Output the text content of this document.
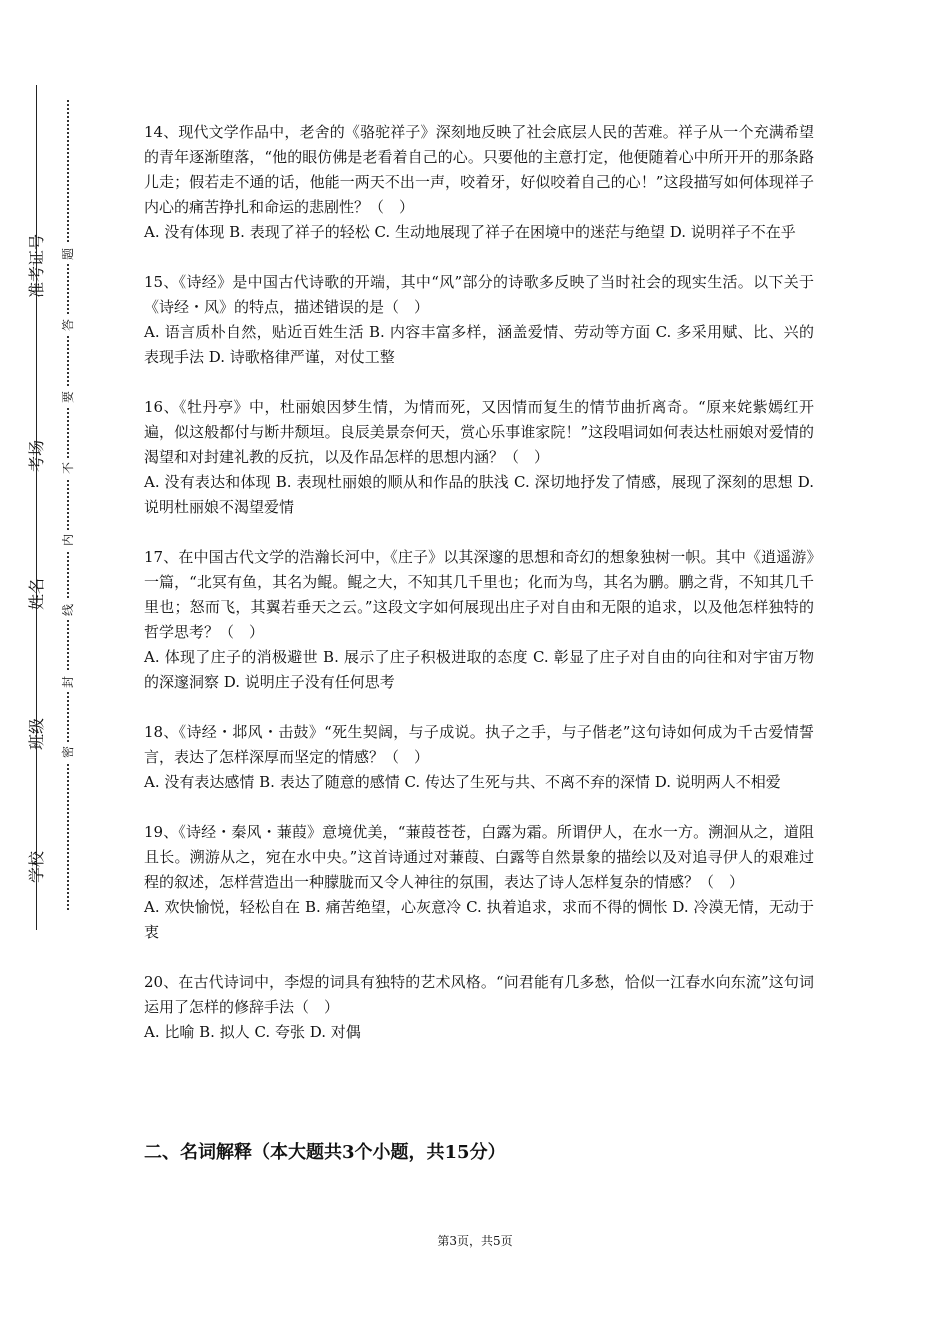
学校
班级
姓名
考场
准考证号
密
封
线
内
不
要
答
题

14、现代文学作品中，老舍的《骆驼祥子》深刻地反映了社会底层人民的苦难。祥子从一个充满希望的青年逐渐堕落，“他的眼仿佛是老看着自己的心。只要他的主意打定，他便随着心中所开开的那条路儿走；假若走不通的话，他能一两天不出一声，咬着牙，好似咬着自己的心！”这段描写如何体现祥子内心的痛苦挣扎和命运的悲剧性？（　）

A. 没有体现 B. 表现了祥子的轻松 C. 生动地展现了祥子在困境中的迷茫与绝望 D. 说明祥子不在乎

15、《诗经》是中国古代诗歌的开端，其中“风”部分的诗歌多反映了当时社会的现实生活。以下关于《诗经・风》的特点，描述错误的是（　）

A. 语言质朴自然，贴近百姓生活 B. 内容丰富多样，涵盖爱情、劳动等方面 C. 多采用赋、比、兴的表现手法 D. 诗歌格律严谨，对仗工整

16、《牡丹亭》中，杜丽娘因梦生情，为情而死，又因情而复生的情节曲折离奇。“原来姹紫嫣红开遍，似这般都付与断井颓垣。良辰美景奈何天，赏心乐事谁家院！”这段唱词如何表达杜丽娘对爱情的渴望和对封建礼教的反抗，以及作品怎样的思想内涵？（　）

A. 没有表达和体现 B. 表现杜丽娘的顺从和作品的肤浅 C. 深切地抒发了情感，展现了深刻的思想 D. 说明杜丽娘不渴望爱情

17、在中国古代文学的浩瀚长河中，《庄子》以其深邃的思想和奇幻的想象独树一帜。其中《逍遥游》一篇，“北冥有鱼，其名为鲲。鲲之大，不知其几千里也；化而为鸟，其名为鹏。鹏之背，不知其几千里也；怒而飞，其翼若垂天之云。”这段文字如何展现出庄子对自由和无限的追求，以及他怎样独特的哲学思考？（　）

A. 体现了庄子的消极避世 B. 展示了庄子积极进取的态度 C. 彰显了庄子对自由的向往和对宇宙万物的深邃洞察 D. 说明庄子没有任何思考

18、《诗经・邶风・击鼓》“死生契阔，与子成说。执子之手，与子偕老”这句诗如何成为千古爱情誓言，表达了怎样深厚而坚定的情感？（　）

A. 没有表达感情 B. 表达了随意的感情 C. 传达了生死与共、不离不弃的深情 D. 说明两人不相爱

19、《诗经・秦风・蒹葭》意境优美，“蒹葭苍苍，白露为霜。所谓伊人，在水一方。溯洄从之，道阻且长。溯游从之，宛在水中央。”这首诗通过对蒹葭、白露等自然景象的描绘以及对追寻伊人的艰难过程的叙述，怎样营造出一种朦胧而又令人神往的氛围，表达了诗人怎样复杂的情感？（　）

A. 欢快愉悦，轻松自在 B. 痛苦绝望，心灰意冷 C. 执着追求，求而不得的惆怅 D. 冷漠无情，无动于衷

20、在古代诗词中，李煜的词具有独特的艺术风格。“问君能有几多愁，恰似一江春水向东流”这句词运用了怎样的修辞手法（　）

A. 比喻 B. 拟人 C. 夸张 D. 对偶

二、名词解释（本大题共3个小题，共15分）
第3页，共5页
